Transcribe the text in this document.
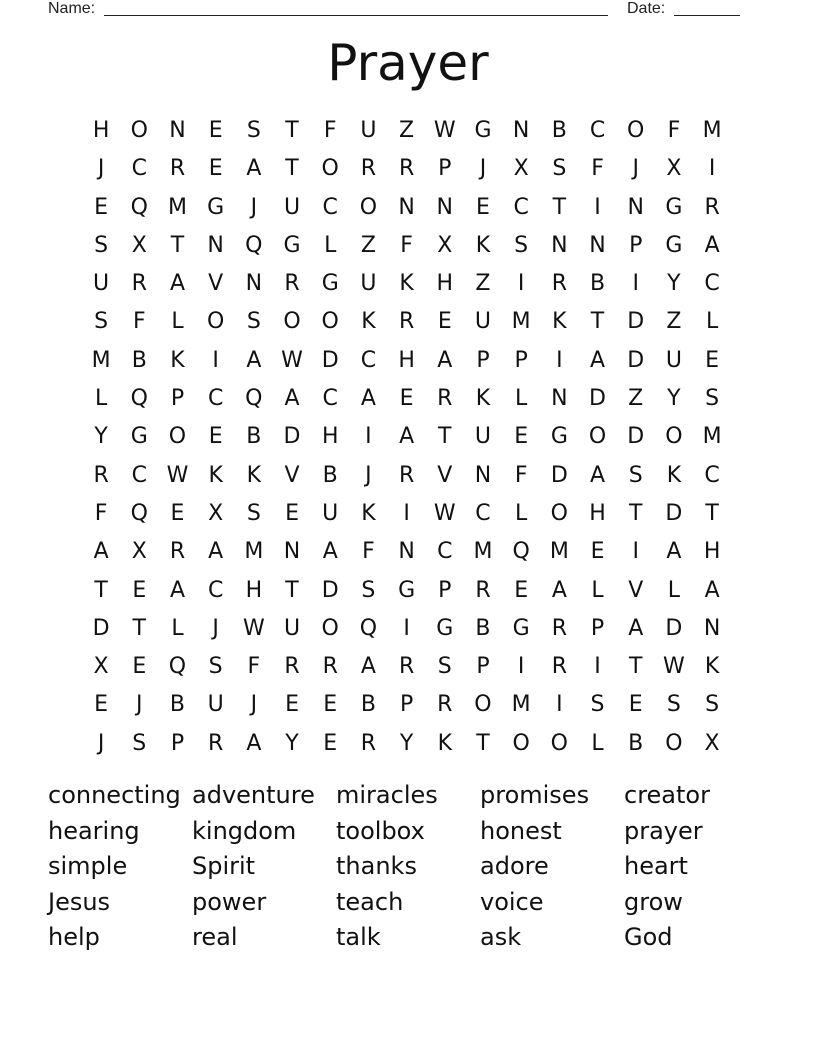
Name:	Date:
Prayer
H O N	E	S	T	F	U	Z W G N	B	C O	F	M
J	C	R	E	A	T	O R	R	P	J	X	S	F	J	X	I
E	Q M G	J	U	C O N N	E	C	T	I	N G	R
S	X	T	N Q G	L	Z	F	X	K	S	N N	P	G	A
U	R	A	V	N	R	G U	K	H	Z	I	R	B	I	Y	C
S	F	L	O	S	O O	K	R	E	U M K	T	D	Z	L
M B	K	I	A W D	C	H	A	P	P	I	A	D U	E
L	Q	P	C Q	A	C	A	E	R	K	L	N D	Z	Y	S
Y	G O	E	B	D H	I	A	T	U	E	G O D O M
R	C W K	K	V	B	J	R	V	N	F	D	A	S	K	C
F	Q	E	X	S	E	U	K	I	W C	L	O H	T	D	T
A	X	R	A M N	A	F	N	C M Q M E	I	A	H
T	E	A	C	H	T	D	S	G	P	R	E	A	L	V	L	A
D	T	L	J	W U O Q	I	G	B	G	R	P	A	D N
X	E	Q	S	F	R	R	A	R	S	P	I	R	I	T W K
E	J	B	U	J	E	E	B	P	R O M	I	S	E	S	S
J	S	P	R	A	Y	E	R	Y	K	T	O O	L	B O X
connecting adventure miracles	promises	creator
hearing	kingdom	toolbox	honest	prayer
simple	Spirit	thanks	adore	heart
Jesus	power	teach	voice	grow
help	real	talk	ask	God
